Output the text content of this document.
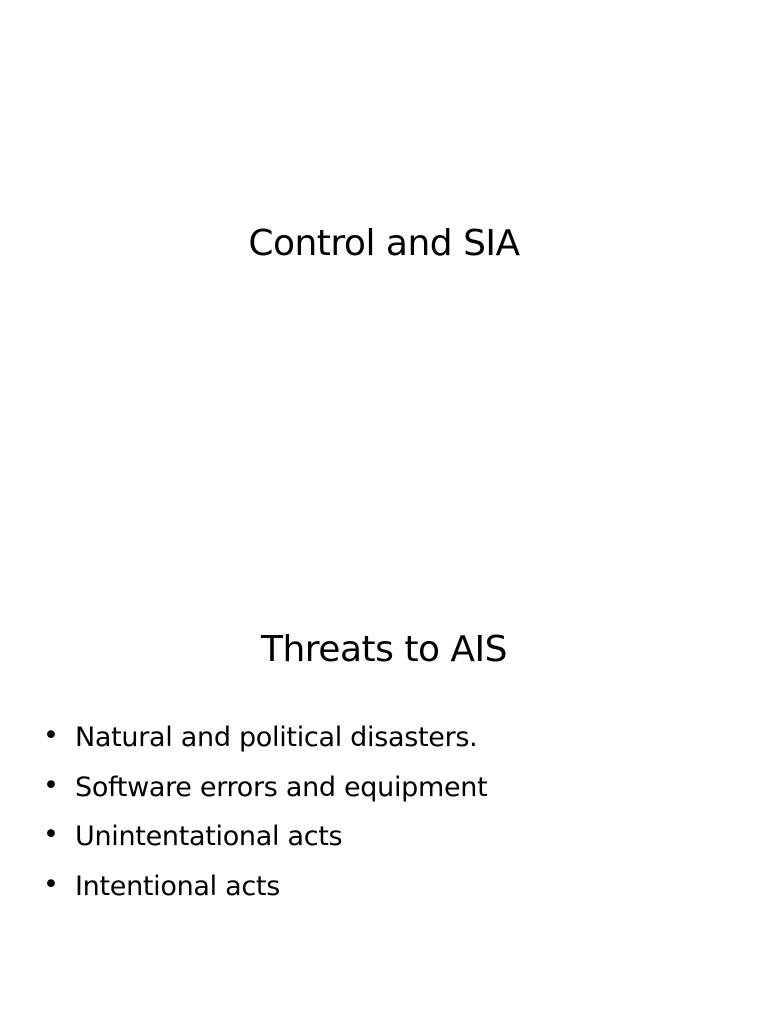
Control and SIA
Threats to AIS
• Natural and political disasters.
• Software errors and equipment
• Unintentational acts
• Intentional acts
